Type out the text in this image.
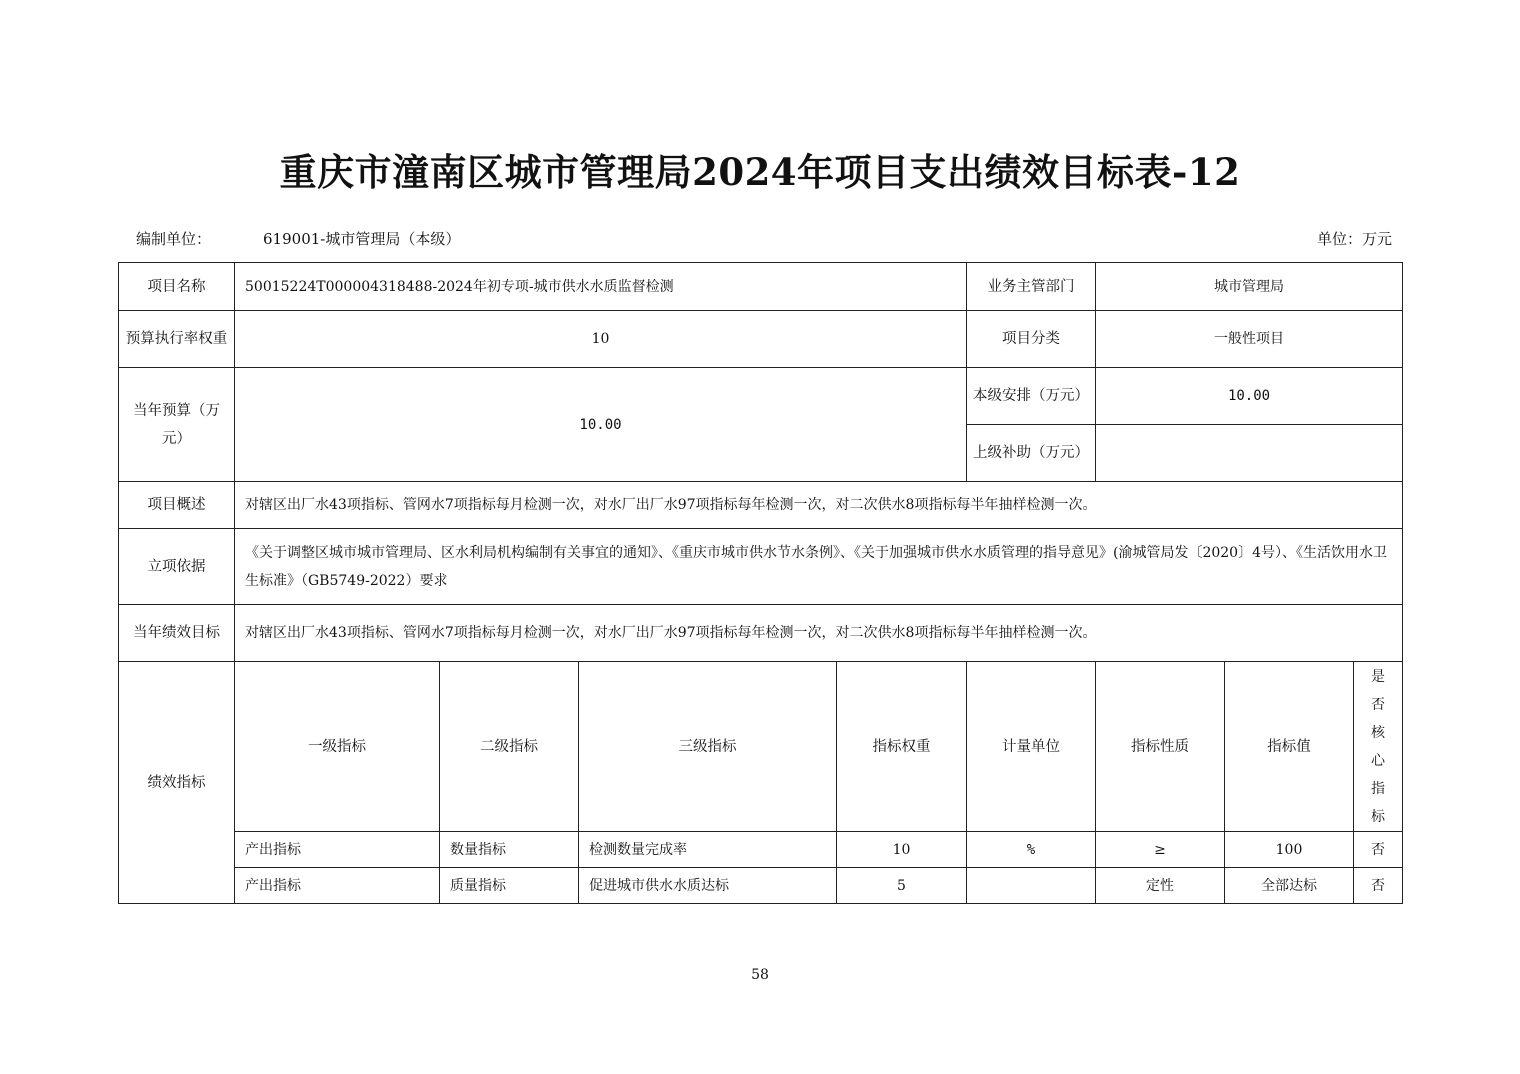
重庆市潼南区城市管理局2024年项目支出绩效目标表-12
编制单位：	619001-城市管理局（本级）	单位：万元
项目名称	50015224T000004318488-2024年初专项-城市供水水质监督检测				业务主管部门	城市管理局		
预算执行率权重	10				项目分类	一般性项目		
当年预算（万元）	10.00				本级安排（万元）	10.00		
					上级补助（万元）			
项目概述	对辖区出厂水43项指标、管网水7项指标每月检测一次，对水厂出厂水97项指标每年检测一次，对二次供水8项指标每半年抽样检测一次。							
立项依据	《关于调整区城市城市管理局、区水利局机构编制有关事宜的通知》、《重庆市城市供水节水条例》、《关于加强城市供水水质管理的指导意见》(渝城管局发〔2020〕4号）、《生活饮用水卫生标准》（GB5749-2022）要求							
当年绩效目标	对辖区出厂水43项指标、管网水7项指标每月检测一次，对水厂出厂水97项指标每年检测一次，对二次供水8项指标每半年抽样检测一次。							
绩效指标	一级指标	二级指标	三级指标	指标权重	计量单位	指标性质	指标值	是否核心指标
	产出指标	数量指标	检测数量完成率	10	%	≥	100	否
	产出指标	质量指标	促进城市供水水质达标	5		定性	全部达标	否
58
